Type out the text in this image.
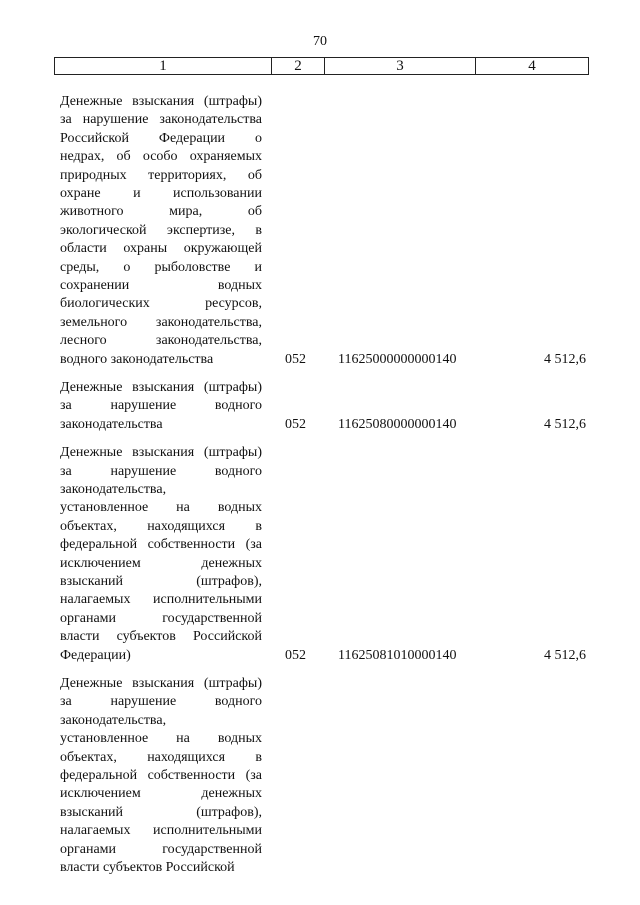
70
1	2	3	4
Денежные взыскания (штрафы)
за нарушение законодательства
Российской Федерации о
недрах, об особо охраняемых
природных территориях, об
охране и использовании
животного мира, об
экологической экспертизе, в
области охраны окружающей
среды, о рыболовстве и
сохранении водных
биологических ресурсов,
земельного законодательства,
лесного законодательства,
водного законодательства	052 11625000000000140	4 512,6
Денежные взыскания (штрафы)
за нарушение водного
законодательства	052 11625080000000140	4 512,6
Денежные взыскания (штрафы)
за нарушение водного
законодательства,
установленное на водных
объектах, находящихся в
федеральной собственности (за
исключением денежных
взысканий (штрафов),
налагаемых исполнительными
органами государственной
власти субъектов Российской
Федерации)	052 11625081010000140	4 512,6
Денежные взыскания (штрафы)
за нарушение водного
законодательства,
установленное на водных
объектах, находящихся в
федеральной собственности (за
исключением денежных
взысканий (штрафов),
налагаемых исполнительными
органами государственной
власти субъектов Российской
